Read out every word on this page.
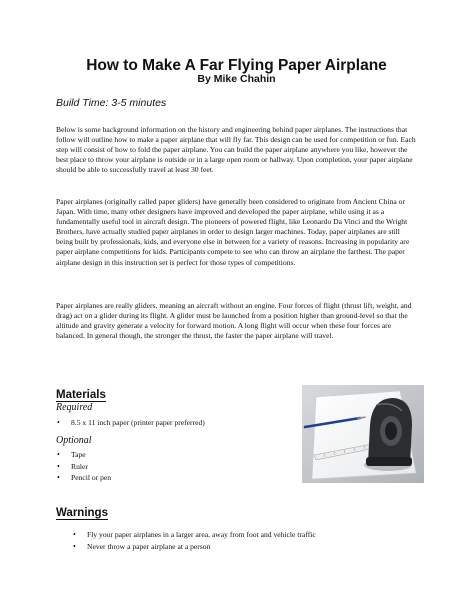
How to Make A Far Flying Paper Airplane
By Mike Chahin
Build Time: 3-5 minutes

Below is some background information on the history and engineering behind paper airplanes. The instructions that follow will outline how to make a paper airplane that will fly far. This design can be used for competition or fun. Each step will consist of how to fold the paper airplane. You can build the paper airplane anywhere you like, however the best place to throw your airplane is outside or in a large open room or hallway. Upon completion, your paper airplane should be able to successfully travel at least 30 feet.

Paper airplanes (originally called paper gliders) have generally been considered to originate from Ancient China or Japan. With time, many other designers have improved and developed the paper airplane, while using it as a fundamentally useful tool in aircraft design. The pioneers of powered flight, like Leonardo Da Vinci and the Wright Brothers, have actually studied paper airplanes in order to design larger machines. Today, paper airplanes are still being built by professionals, kids, and everyone else in between for a variety of reasons. Increasing in popularity are paper airplane competitions for kids. Participants compete to see who can throw an airplane the farthest. The paper airplane design in this instruction set is perfect for those types of competitions.

Paper airplanes are really gliders, meaning an aircraft without an engine. Four forces of flight (thrust lift, weight, and drag) act on a glider during its flight. A glider must be launched from a position higher than ground-level so that the altitude and gravity generate a velocity for forward motion. A long flight will occur when these four forces are balanced. In general though, the stronger the thrust, the faster the paper airplane will travel.

Materials
Required
• 8.5 x 11 inch paper (printer paper preferred)
Optional
• Tape
• Ruler
• Pencil or pen
Warnings
• Fly your paper airplanes in a larger area, away from foot and vehicle traffic
• Never throw a paper airplane at a person
